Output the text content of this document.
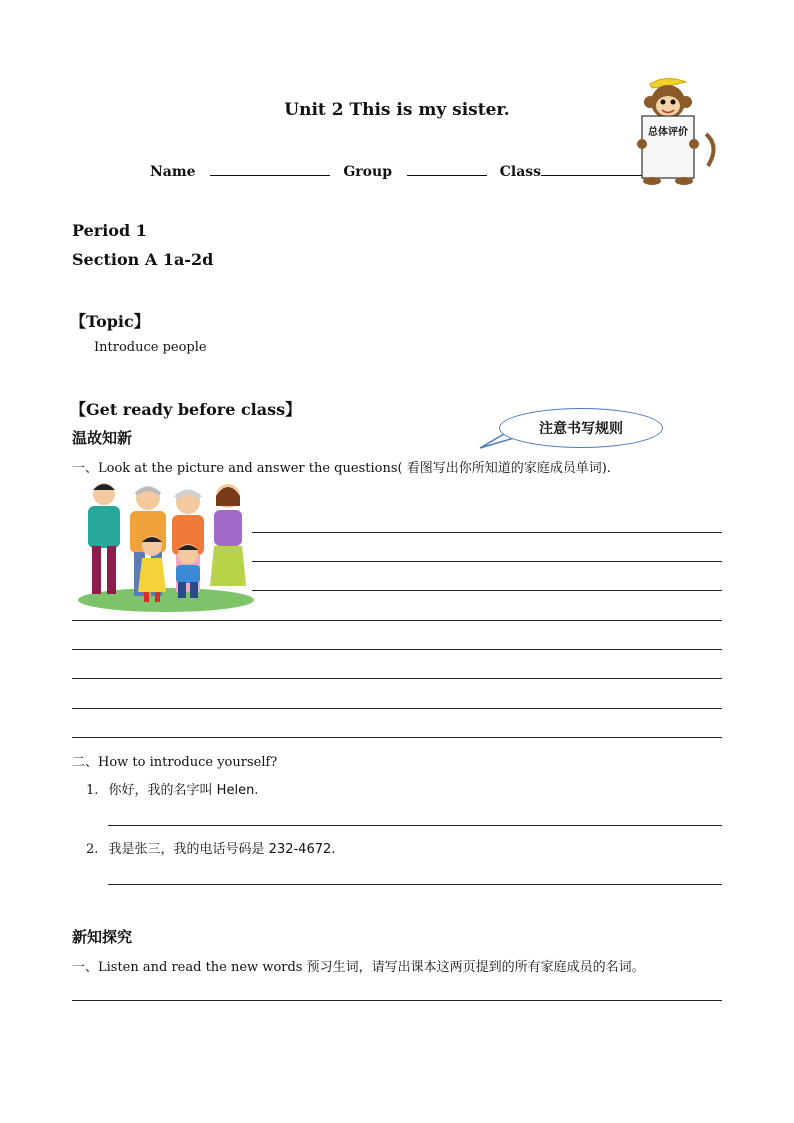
Unit 2 This is my sister.
Name	Group	Class
总体评价
Period 1
Section A 1a-2d
【Topic】
Introduce people
【Get ready before class】
温故知新	注意书写规则
一、Look at the picture and answer the questions( 看图写出你所知道的家庭成员单词).
二、How to introduce yourself?
1. 你好，我的名字叫 Helen.
2. 我是张三，我的电话号码是 232-4672.
新知探究
一、Listen and read the new words 预习生词，请写出课本这两页提到的所有家庭成员的名词。
